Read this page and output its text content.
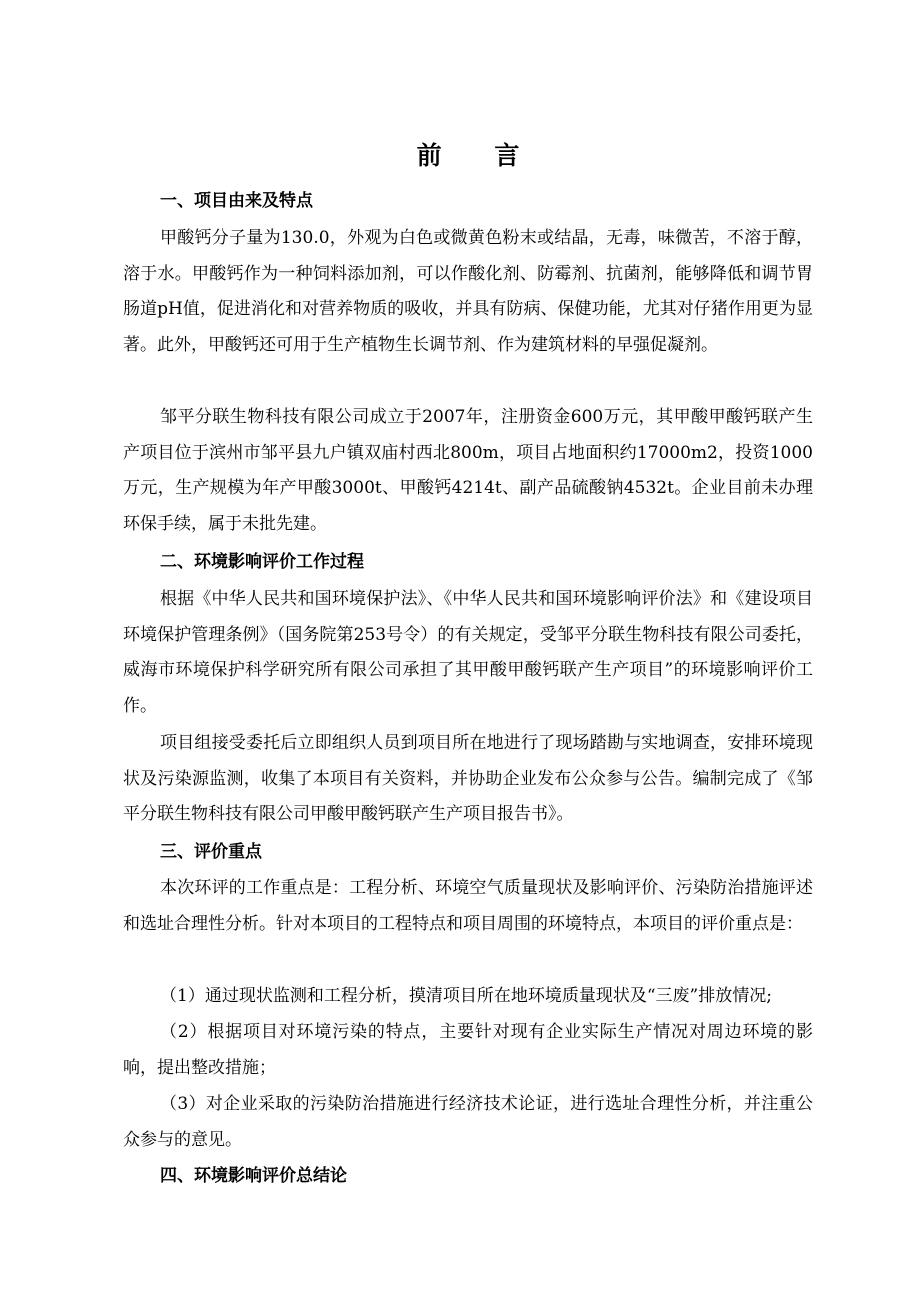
前 言
一、项目由来及特点

甲酸钙分子量为130.0，外观为白色或微黄色粉末或结晶，无毒，味微苦，不溶于醇，溶于水。甲酸钙作为一种饲料添加剂，可以作酸化剂、防霉剂、抗菌剂，能够降低和调节胃肠道pH值，促进消化和对营养物质的吸收，并具有防病、保健功能，尤其对仔猪作用更为显著。此外，甲酸钙还可用于生产植物生长调节剂、作为建筑材料的早强促凝剂。

邹平分联生物科技有限公司成立于2007年，注册资金600万元，其甲酸甲酸钙联产生产项目位于滨州市邹平县九户镇双庙村西北800m，项目占地面积约17000m2，投资1000万元，生产规模为年产甲酸3000t、甲酸钙4214t、副产品硫酸钠4532t。企业目前未办理环保手续，属于未批先建。

二、环境影响评价工作过程

根据《中华人民共和国环境保护法》、《中华人民共和国环境影响评价法》和《建设项目环境保护管理条例》（国务院第253号令）的有关规定，受邹平分联生物科技有限公司委托，威海市环境保护科学研究所有限公司承担了其甲酸甲酸钙联产生产项目”的环境影响评价工作。

项目组接受委托后立即组织人员到项目所在地进行了现场踏勘与实地调查，安排环境现状及污染源监测，收集了本项目有关资料，并协助企业发布公众参与公告。编制完成了《邹平分联生物科技有限公司甲酸甲酸钙联产生产项目报告书》。

三、评价重点

本次环评的工作重点是：工程分析、环境空气质量现状及影响评价、污染防治措施评述和选址合理性分析。针对本项目的工程特点和项目周围的环境特点，本项目的评价重点是：

（1）通过现状监测和工程分析，摸清项目所在地环境质量现状及“三废”排放情况;

（2）根据项目对环境污染的特点，主要针对现有企业实际生产情况对周边环境的影响，提出整改措施；

（3）对企业采取的污染防治措施进行经济技术论证，进行选址合理性分析，并注重公众参与的意见。

四、环境影响评价总结论
